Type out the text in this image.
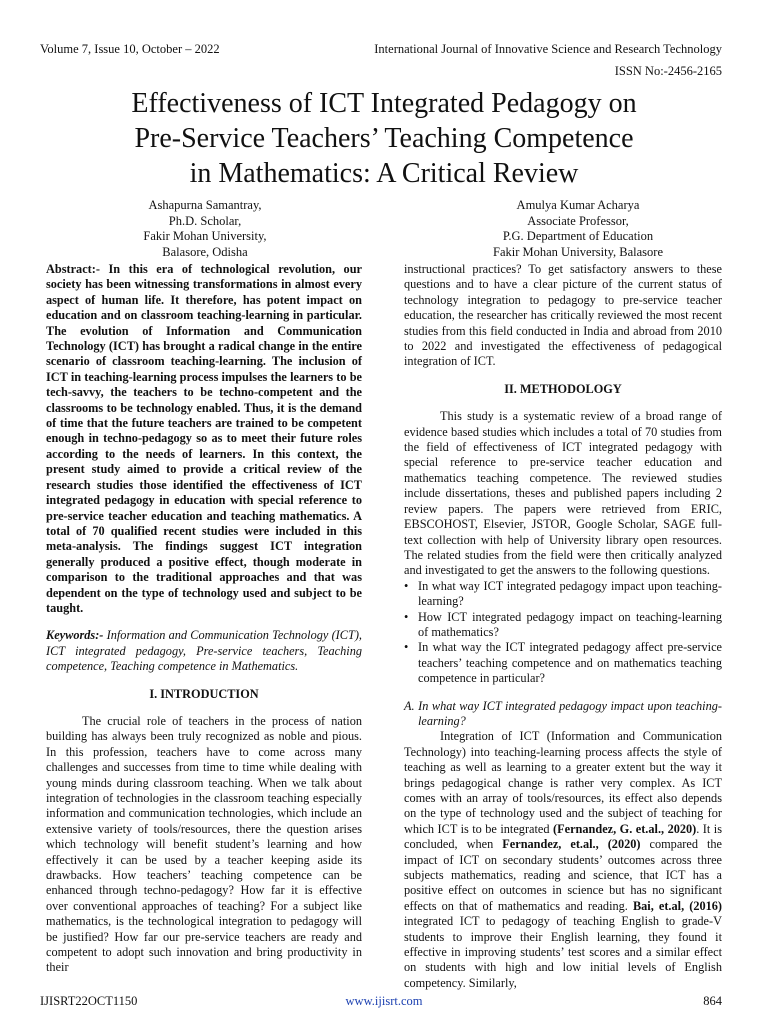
Volume 7, Issue 10, October – 2022	International Journal of Innovative Science and Research Technology
ISSN No:-2456-2165
Effectiveness of ICT Integrated Pedagogy on
Pre-Service Teachers’ Teaching Competence
in Mathematics: A Critical Review
Ashapurna Samantray,
Ph.D. Scholar,
Fakir Mohan University,
Balasore, Odisha
Amulya Kumar Acharya
Associate Professor,
P.G. Department of Education
Fakir Mohan University, Balasore

Abstract:- In this era of technological revolution, our society has been witnessing transformations in almost every aspect of human life. It therefore, has potent impact on education and on classroom teaching-learning in particular. The evolution of Information and Communication Technology (ICT) has brought a radical change in the entire scenario of classroom teaching-learning. The inclusion of ICT in teaching-learning process impulses the learners to be tech-savvy, the teachers to be techno-competent and the classrooms to be technology enabled. Thus, it is the demand of time that the future teachers are trained to be competent enough in techno-pedagogy so as to meet their future roles according to the needs of learners. In this context, the present study aimed to provide a critical review of the research studies those identified the effectiveness of ICT integrated pedagogy in education with special reference to pre-service teacher education and teaching mathematics. A total of 70 qualified recent studies were included in this meta-analysis. The findings suggest ICT integration generally produced a positive effect, though moderate in comparison to the traditional approaches and that was dependent on the type of technology used and subject to be taught.

Keywords:- Information and Communication Technology (ICT), ICT integrated pedagogy, Pre-service teachers, Teaching competence, Teaching competence in Mathematics.

I. INTRODUCTION

The crucial role of teachers in the process of nation building has always been truly recognized as noble and pious. In this profession, teachers have to come across many challenges and successes from time to time while dealing with young minds during classroom teaching. When we talk about integration of technologies in the classroom teaching especially information and communication technologies, which include an extensive variety of tools/resources, there the question arises which technology will benefit student’s learning and how effectively it can be used by a teacher keeping aside its drawbacks. How teachers’ teaching competence can be enhanced through techno-pedagogy? How far it is effective over conventional approaches of teaching? For a subject like mathematics, is the technological integration to pedagogy will be justified? How far our pre-service teachers are ready and competent to adopt such innovation and bring productivity in their

instructional practices? To get satisfactory answers to these questions and to have a clear picture of the current status of technology integration to pedagogy to pre-service teacher education, the researcher has critically reviewed the most recent studies from this field conducted in India and abroad from 2010 to 2022 and investigated the effectiveness of pedagogical integration of ICT.

II. METHODOLOGY

This study is a systematic review of a broad range of evidence based studies which includes a total of 70 studies from the field of effectiveness of ICT integrated pedagogy with special reference to pre-service teacher education and mathematics teaching competence. The reviewed studies include dissertations, theses and published papers including 2 review papers. The papers were retrieved from ERIC, EBSCOHOST, Elsevier, JSTOR, Google Scholar, SAGE full-text collection with help of University library open resources. The related studies from the field were then critically analyzed and investigated to get the answers to the following questions.

• In what way ICT integrated pedagogy impact upon teaching-learning?
• How ICT integrated pedagogy impact on teaching-learning of mathematics?
• In what way the ICT integrated pedagogy affect pre-service teachers’ teaching competence and on mathematics teaching competence in particular?

A. In what way ICT integrated pedagogy impact upon teaching-learning?

Integration of ICT (Information and Communication Technology) into teaching-learning process affects the style of teaching as well as learning to a greater extent but the way it brings pedagogical change is rather very complex. As ICT comes with an array of tools/resources, its effect also depends on the type of technology used and the subject of teaching for which ICT is to be integrated (Fernandez, G. et.al., 2020). It is concluded, when Fernandez, et.al., (2020) compared the impact of ICT on secondary students’ outcomes across three subjects mathematics, reading and science, that ICT has a positive effect on outcomes in science but has no significant effects on that of mathematics and reading. Bai, et.al, (2016) integrated ICT to pedagogy of teaching English to grade-V students to improve their English learning, they found it effective in improving students’ test scores and a similar effect on students with high and low initial levels of English competency. Similarly,

IJISRT22OCT1150	www.ijisrt.com	864
